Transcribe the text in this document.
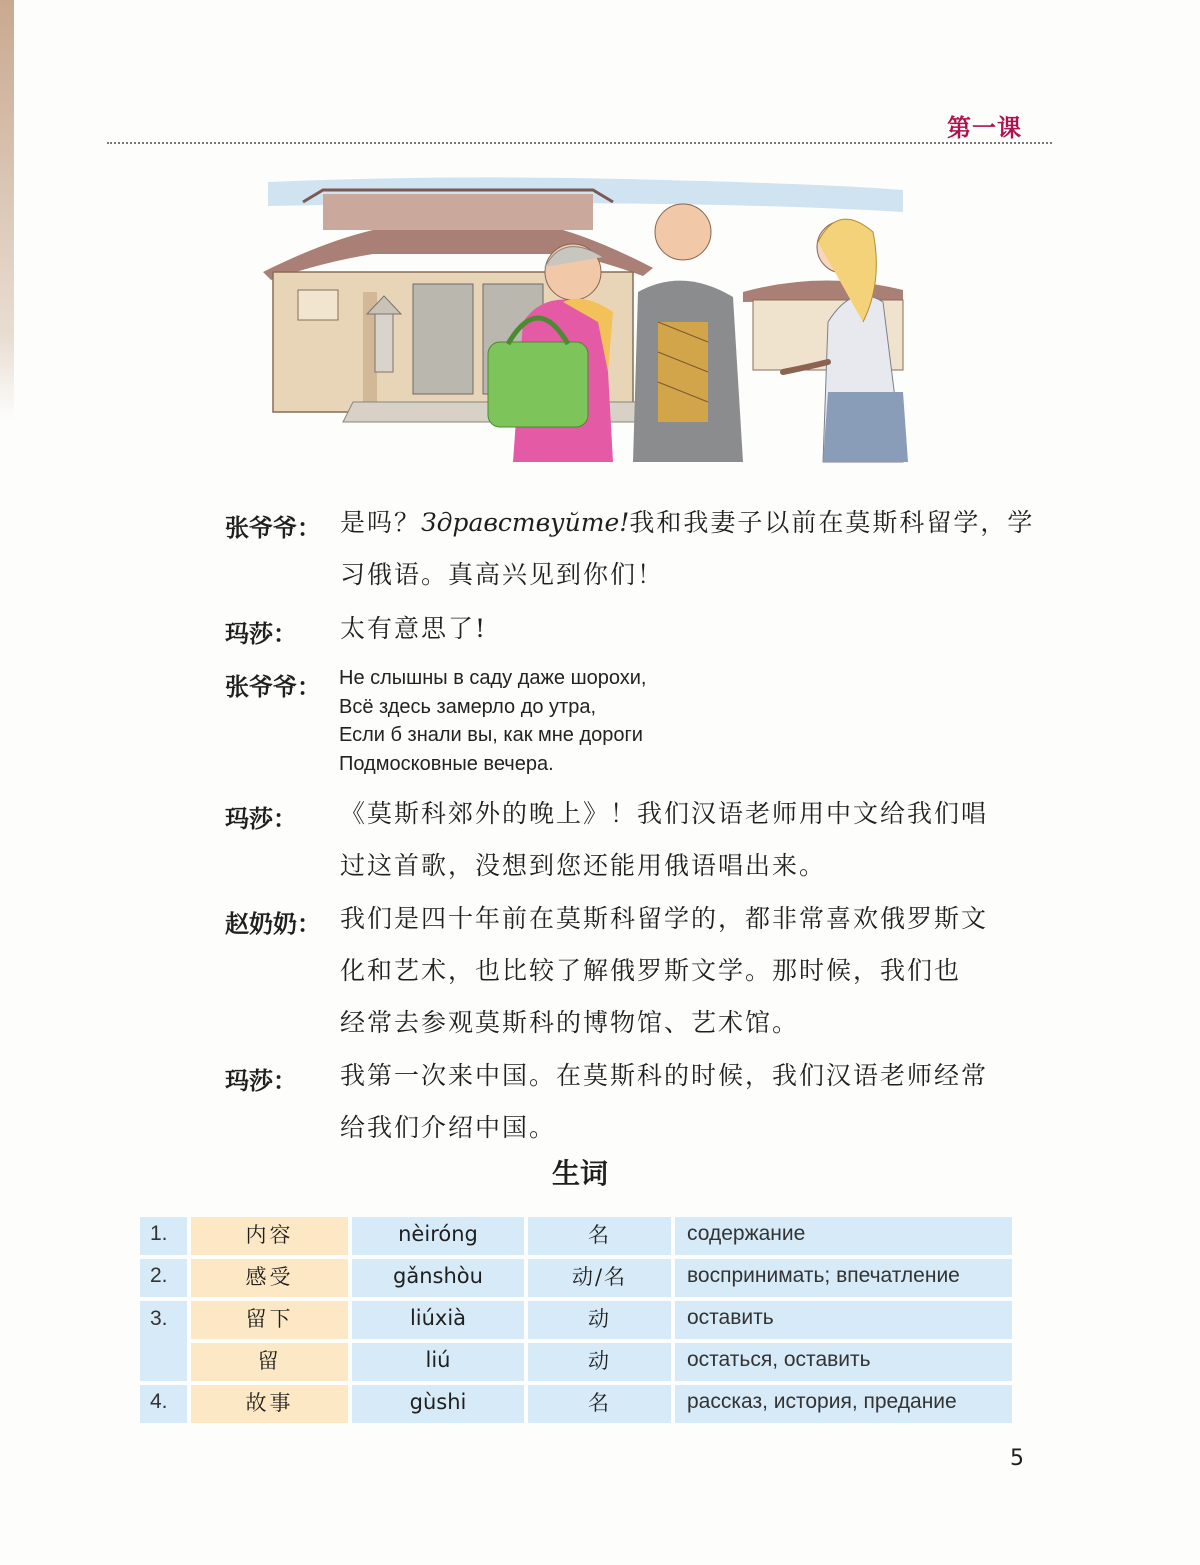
第一课
张爷爷： 是吗？Здравствуйте!我和我妻子以前在莫斯科留学，学
习俄语。真高兴见到你们！
玛莎：	太有意思了!
张爷爷： Не слышны в саду даже шорохи,
Всё здесь замерло до утра,
Если б знали вы, как мне дороги
Подмосковные вечера.
玛莎：	《莫斯科郊外的晚上》！我们汉语老师用中文给我们唱
过这首歌，没想到您还能用俄语唱出来。
赵奶奶： 我们是四十年前在莫斯科留学的，都非常喜欢俄罗斯文
化和艺术，也比较了解俄罗斯文学。那时候，我们也
经常去参观莫斯科的博物馆、艺术馆。
玛莎：	我第一次来中国。在莫斯科的时候，我们汉语老师经常
给我们介绍中国。
生词
1.	内容	nèiróng	名	содержание
2.	感受	gǎnshòu	动/名	воспринимать; впечатление
3.	留下	liúxià	动	оставить
	留	liú	动	остаться, оставить
4.	故事	gùshi	名	рассказ, история, предание
5
